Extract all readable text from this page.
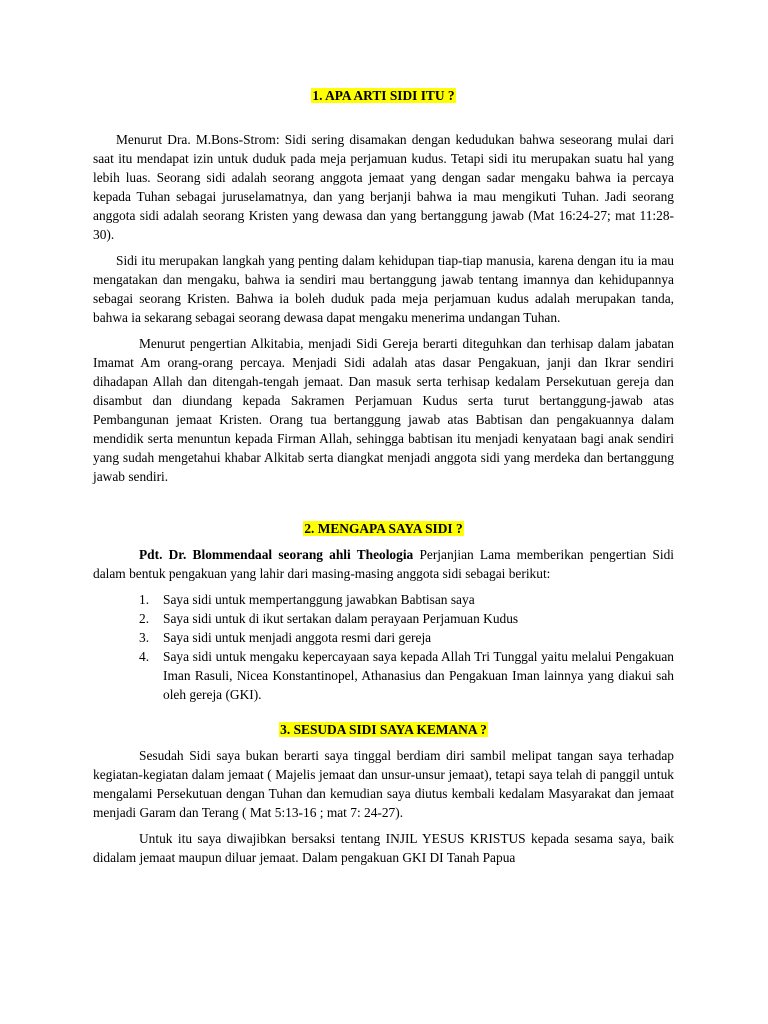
1. APA ARTI SIDI ITU ?

Menurut Dra. M.Bons-Strom: Sidi sering disamakan dengan kedudukan bahwa seseorang mulai dari saat itu mendapat izin untuk duduk pada meja perjamuan kudus. Tetapi sidi itu merupakan suatu hal yang lebih luas. Seorang sidi adalah seorang anggota jemaat yang dengan sadar mengaku bahwa ia percaya kepada Tuhan sebagai juruselamatnya, dan yang berjanji bahwa ia mau mengikuti Tuhan. Jadi seorang anggota sidi adalah seorang Kristen yang dewasa dan yang bertanggung jawab (Mat 16:24-27; mat 11:28-30).

Sidi itu merupakan langkah yang penting dalam kehidupan tiap-tiap manusia, karena dengan itu ia mau mengatakan dan mengaku, bahwa ia sendiri mau bertanggung jawab tentang imannya dan kehidupannya sebagai seorang Kristen. Bahwa ia boleh duduk pada meja perjamuan kudus adalah merupakan tanda, bahwa ia sekarang sebagai seorang dewasa dapat mengaku menerima undangan Tuhan.

Menurut pengertian Alkitabia, menjadi Sidi Gereja berarti diteguhkan dan terhisap dalam jabatan Imamat Am orang-orang percaya. Menjadi Sidi adalah atas dasar Pengakuan, janji dan Ikrar sendiri dihadapan Allah dan ditengah-tengah jemaat. Dan masuk serta terhisap kedalam Persekutuan gereja dan disambut dan diundang kepada Sakramen Perjamuan Kudus serta turut bertanggung-jawab atas Pembangunan jemaat Kristen. Orang tua bertanggung jawab atas Babtisan dan pengakuannya dalam mendidik serta menuntun kepada Firman Allah, sehingga babtisan itu menjadi kenyataan bagi anak sendiri yang sudah mengetahui khabar Alkitab serta diangkat menjadi anggota sidi yang merdeka dan bertanggung jawab sendiri.

2. MENGAPA SAYA SIDI ?

Pdt. Dr. Blommendaal seorang ahli Theologia Perjanjian Lama memberikan pengertian Sidi dalam bentuk pengakuan yang lahir dari masing-masing anggota sidi sebagai berikut:

1. Saya sidi untuk mempertanggung jawabkan Babtisan saya
2. Saya sidi untuk di ikut sertakan dalam perayaan Perjamuan Kudus
3. Saya sidi untuk menjadi anggota resmi dari gereja
4. Saya sidi untuk mengaku kepercayaan saya kepada Allah Tri Tunggal yaitu melalui Pengakuan Iman Rasuli, Nicea Konstantinopel, Athanasius dan Pengakuan Iman lainnya yang diakui sah oleh gereja (GKI).
3. SESUDA SIDI SAYA KEMANA ?

Sesudah Sidi saya bukan berarti saya tinggal berdiam diri sambil melipat tangan saya terhadap kegiatan-kegiatan dalam jemaat ( Majelis jemaat dan unsur-unsur jemaat), tetapi saya telah di panggil untuk mengalami Persekutuan dengan Tuhan dan kemudian saya diutus kembali kedalam Masyarakat dan jemaat menjadi Garam dan Terang ( Mat 5:13-16 ; mat 7: 24-27).

Untuk itu saya diwajibkan bersaksi tentang INJIL YESUS KRISTUS kepada sesama saya, baik didalam jemaat maupun diluar jemaat. Dalam pengakuan GKI DI Tanah Papua
